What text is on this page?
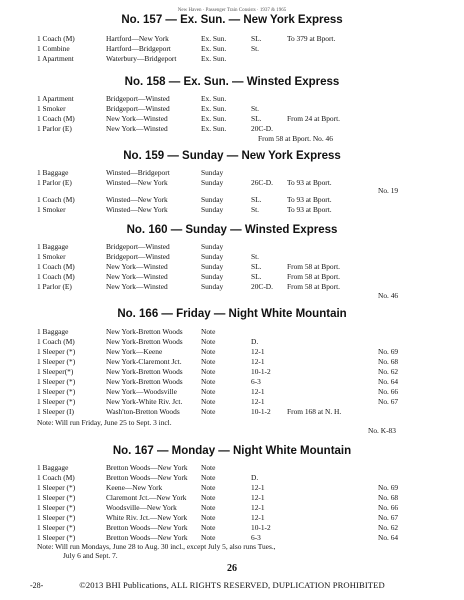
New Haven · Passenger Train Consists · 1937 & 1965
No. 157 — Ex. Sun. — New York Express
1 Coach (M)	Hartford—New York	Ex. Sun.	SL.	To 379 at Bport.
1 Combine	Hartford—Bridgeport	Ex. Sun.	St.
1 Apartment	Waterbury—Bridgeport	Ex. Sun.
No. 158 — Ex. Sun. — Winsted Express
1 Apartment	Bridgeport—Winsted	Ex. Sun.
1 Smoker	Bridgeport—Winsted	Ex. Sun.	St.
1 Coach (M)	New York—Winsted	Ex. Sun.	SL.	From 24 at Bport.
1 Parlor (E)	New York—Winsted	Ex. Sun.	20C-D.
From 58 at Bport. No. 46
No. 159 — Sunday — New York Express
1 Baggage	Winsted—Bridgeport	Sunday
1 Parlor (E)	Winsted—New York	Sunday	26C-D. To 93 at Bport.
No. 19
1 Coach (M)	Winsted—New York	Sunday	SL.	To 93 at Bport.
1 Smoker	Winsted—New York	Sunday	St.	To 93 at Bport.
No. 160 — Sunday — Winsted Express
1 Baggage	Bridgeport—Winsted	Sunday
1 Smoker	Bridgeport—Winsted	Sunday	St.
1 Coach (M)	New York—Winsted	Sunday	SL.	From 58 at Bport.
1 Coach (M)	New York—Winsted	Sunday	SL.	From 58 at Bport.
1 Parlor (E)	New York—Winsted	Sunday	20C-D. From 58 at Bport.
No. 46
No. 166 — Friday — Night White Mountain
1 Baggage	New York-Bretton Woods Note
1 Coach (M)	New York-Bretton Woods Note	D.
1 Sleeper (*)	New York—Keene	Note	12-1	No. 69
1 Sleeper (*)	New York-Claremont Jct.	Note	12-1	No. 68
1 Sleeper(*)	New York-Bretton Woods Note	10-1-2	No. 62
1 Sleeper (*)	New York-Bretton Woods Note	6-3	No. 64
1 Sleeper (*)	New York—Woodsville	Note	12-1	No. 66
1 Sleeper (*)	New York-White Riv. Jct.	Note	12-1	No. 67
1 Sleeper (I)	Wash'ton-Bretton Woods	Note	10-1-2 From 168 at N. H.
Note: Will run Friday, June 25 to Sept. 3 incl.
No. K-83
No. 167 — Monday — Night White Mountain
1 Baggage	Bretton Woods—New York Note
1 Coach (M)	Bretton Woods—New York Note	D.
1 Sleeper (*)	Keene—New York	Note	12-1	No. 69
1 Sleeper (*)	Claremont Jct.—New York Note	12-1	No. 68
1 Sleeper (*)	Woodsville—New York	Note	12-1	No. 66
1 Sleeper (*)	White Riv. Jct.—New York Note	12-1	No. 67
1 Sleeper (*)	Bretton Woods—New York Note	10-1-2	No. 62
1 Sleeper (*)	Bretton Woods—New York Note	6-3	No. 64
Note: Will run Mondays, June 28 to Aug. 30 incl., except July 5, also runs Tues.,
July 6 and Sept. 7.
26
-28-	©2013 BHI Publications, ALL RIGHTS RESERVED, DUPLICATION PROHIBITED
